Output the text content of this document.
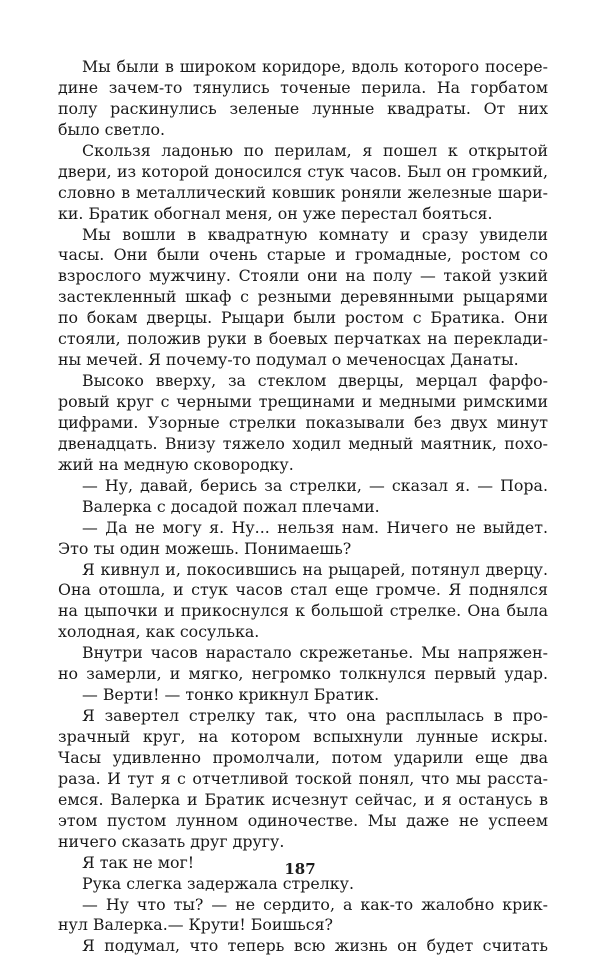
Мы были в широком коридоре, вдоль которого посере-
дине зачем-то тянулись точеные перила. На горбатом
полу раскинулись зеленые лунные квадраты. От них
было светло.
Скользя ладонью по перилам, я пошел к открытой
двери, из которой доносился стук часов. Был он громкий,
словно в металлический ковшик роняли железные шари-
ки. Братик обогнал меня, он уже перестал бояться.
Мы вошли в квадратную комнату и сразу увидели
часы. Они были очень старые и громадные, ростом со
взрослого мужчину. Стояли они на полу — такой узкий
застекленный шкаф с резными деревянными рыцарями
по бокам дверцы. Рыцари были ростом с Братика. Они
стояли, положив руки в боевых перчатках на переклади-
ны мечей. Я почему-то подумал о меченосцах Данаты.
Высоко вверху, за стеклом дверцы, мерцал фарфо-
ровый круг с черными трещинами и медными римскими
цифрами. Узорные стрелки показывали без двух минут
двенадцать. Внизу тяжело ходил медный маятник, похо-
жий на медную сковородку.
— Ну, давай, берись за стрелки, — сказал я. — Пора.
Валерка с досадой пожал плечами.
— Да не могу я. Ну... нельзя нам. Ничего не выйдет.
Это ты один можешь. Понимаешь?
Я кивнул и, покосившись на рыцарей, потянул дверцу.
Она отошла, и стук часов стал еще громче. Я поднялся
на цыпочки и прикоснулся к большой стрелке. Она была
холодная, как сосулька.
Внутри часов нарастало скрежетанье. Мы напряжен-
но замерли, и мягко, негромко толкнулся первый удар.
— Верти! — тонко крикнул Братик.
Я завертел стрелку так, что она расплылась в про-
зрачный круг, на котором вспыхнули лунные искры.
Часы удивленно промолчали, потом ударили еще два
раза. И тут я с отчетливой тоской понял, что мы расста-
емся. Валерка и Братик исчезнут сейчас, и я останусь в
этом пустом лунном одиночестве. Мы даже не успеем
ничего сказать друг другу.
Я так не мог!
Рука слегка задержала стрелку.
— Ну что ты? — не сердито, а как-то жалобно крик-
нул Валерка.— Крути! Боишься?
Я подумал, что теперь всю жизнь он будет считать
187
